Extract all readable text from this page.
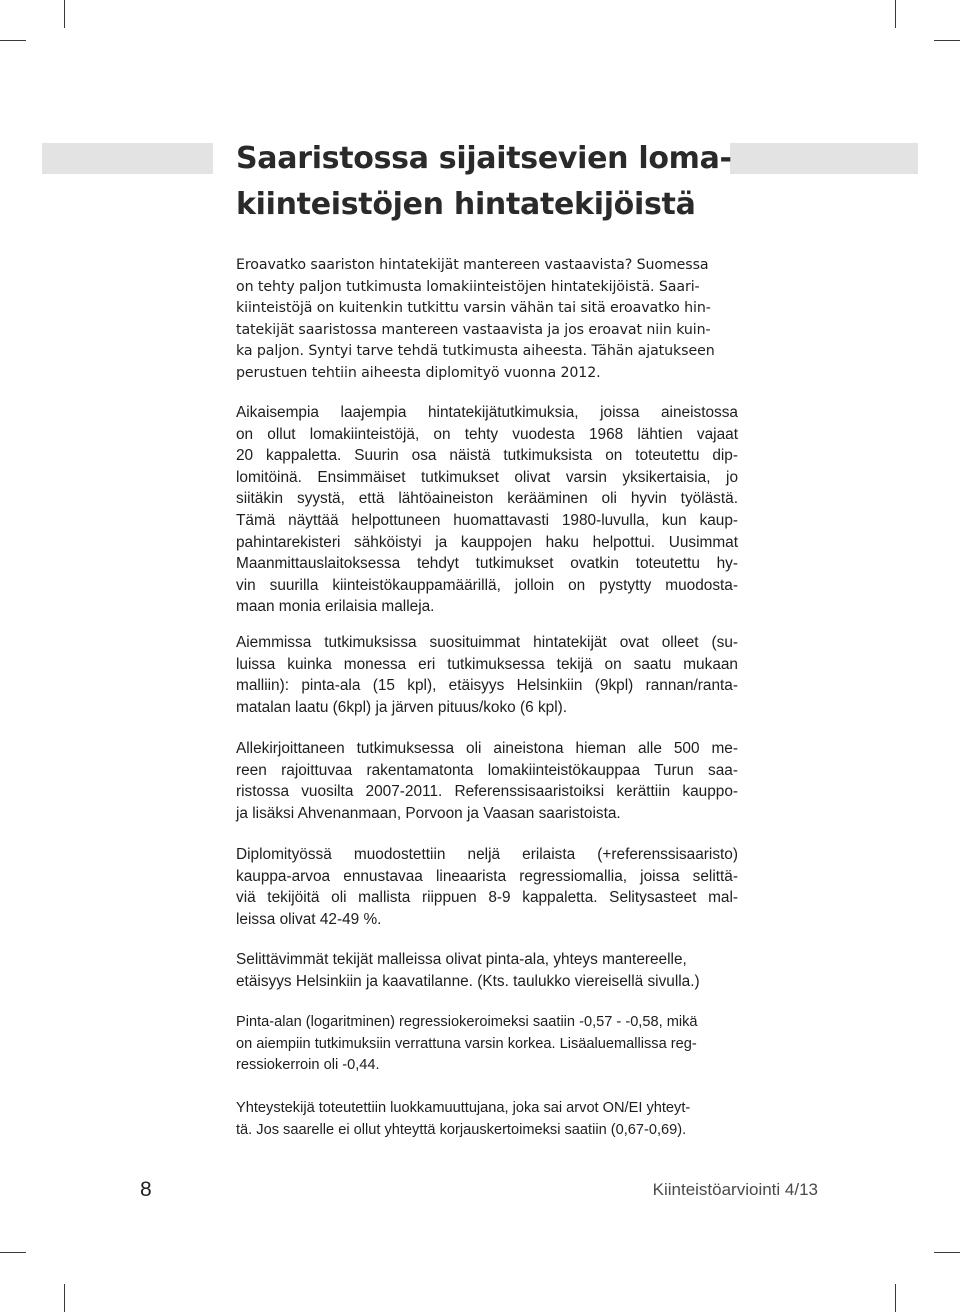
Saaristossa sijaitsevien loma-
kiinteistöjen hintatekijöistä

Eroavatko saariston hintatekijät mantereen vastaavista? Suomessa
on tehty paljon tutkimusta lomakiinteistöjen hintatekijöistä. Saari-
kiinteistöjä on kuitenkin tutkittu varsin vähän tai sitä eroavatko hin-
tatekijät saaristossa mantereen vastaavista ja jos eroavat niin kuin-
ka paljon. Syntyi tarve tehdä tutkimusta aiheesta. Tähän ajatukseen
perustuen tehtiin aiheesta diplomityö vuonna 2012.

Aikaisempia laajempia hintatekijätutkimuksia, joissa aineistossa
on ollut lomakiinteistöjä, on tehty vuodesta 1968 lähtien vajaat
20 kappaletta. Suurin osa näistä tutkimuksista on toteutettu dip-
lomitöinä. Ensimmäiset tutkimukset olivat varsin yksikertaisia, jo
siitäkin syystä, että lähtöaineiston kerääminen oli hyvin työlästä.
Tämä näyttää helpottuneen huomattavasti 1980-luvulla, kun kaup-
pahintarekisteri sähköistyi ja kauppojen haku helpottui. Uusimmat
Maanmittauslaitoksessa tehdyt tutkimukset ovatkin toteutettu hy-
vin suurilla kiinteistökauppamäärillä, jolloin on pystytty muodosta-
maan monia erilaisia malleja.

Aiemmissa tutkimuksissa suosituimmat hintatekijät ovat olleet (su-
luissa kuinka monessa eri tutkimuksessa tekijä on saatu mukaan
malliin): pinta-ala (15 kpl), etäisyys Helsinkiin (9kpl) rannan/ranta-
matalan laatu (6kpl) ja järven pituus/koko (6 kpl).

Allekirjoittaneen tutkimuksessa oli aineistona hieman alle 500 me-
reen rajoittuvaa rakentamatonta lomakiinteistökauppaa Turun saa-
ristossa vuosilta 2007-2011. Referenssisaaristoiksi kerättiin kauppo-
ja lisäksi Ahvenanmaan, Porvoon ja Vaasan saaristoista.

Diplomityössä muodostettiin neljä erilaista (+referenssisaaristo)
kauppa-arvoa ennustavaa lineaarista regressiomallia, joissa selittä-
viä tekijöitä oli mallista riippuen 8-9 kappaletta. Selitysasteet mal-
leissa olivat 42-49 %.

Selittävimmät tekijät malleissa olivat pinta-ala, yhteys mantereelle,
etäisyys Helsinkiin ja kaavatilanne. (Kts. taulukko viereisellä sivulla.)

Pinta-alan (logaritminen) regressiokeroimeksi saatiin -0,57 - -0,58, mikä
on aiempiin tutkimuksiin verrattuna varsin korkea. Lisäaluemallissa reg-
ressiokerroin oli -0,44.

Yhteystekijä toteutettiin luokkamuuttujana, joka sai arvot ON/EI yhteyt-
tä. Jos saarelle ei ollut yhteyttä korjauskertoimeksi saatiin (0,67-0,69).

8	Kiinteistöarviointi 4/13
